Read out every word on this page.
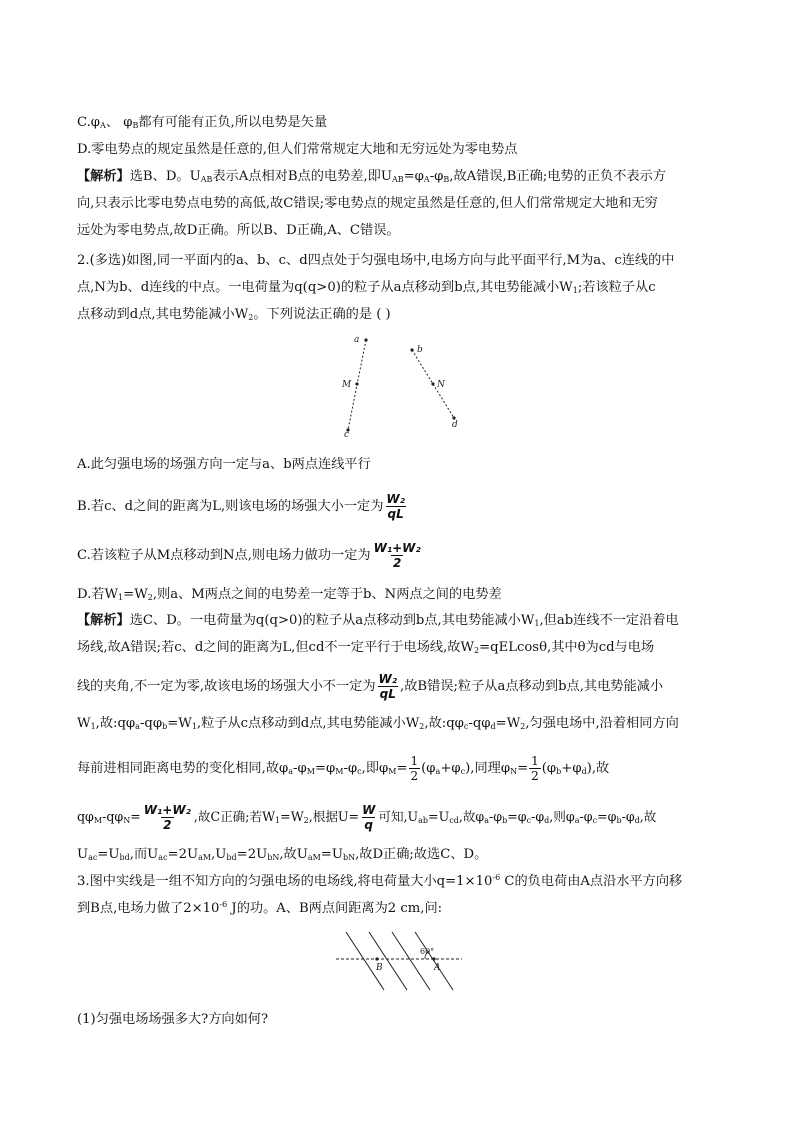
$C.\varphi_A$、 $\varphi_B$都有可能有正负,所以电势是矢量
D.零电势点的规定虽然是任意的,但人们常常规定大地和无穷远处为零电势点
【解析】选B、D。$U_{AB}$表示A点相对B点的电势差,即$U_{AB}=\varphi_A-\varphi_B$,故A错误,B正确;电势的正负不表示方
向,只表示比零电势点电势的高低,故C错误;零电势点的规定虽然是任意的,但人们常常规定大地和无穷
远处为零电势点,故D正确。所以B、D正确,A、C错误。
2.(多选)如图,同一平面内的a、b、c、d四点处于匀强电场中,电场方向与此平面平行,M为a、c连线的中
点,N为b、d连线的中点。一电荷量为q(q>0)的粒子从a点移动到b点,其电势能减小$W_1$;若该粒子从c
点移动到d点,其电势能减小$W_2$。下列说法正确的是 ( )
a
M
c
b
N
d
A.此匀强电场的场强方向一定与a、b两点连线平行
B.若c、d之间的距离为L,则该电场的场强大小一定为 $\frac{\text{W₂}}{qL}$
C.若该粒子从M点移动到N点,则电场力做功一定为 $\frac{\text{W₁+W₂}}{2}$
D.若$W_1=W_2$,则a、M两点之间的电势差一定等于b、N两点之间的电势差
【解析】选C、D。一电荷量为q(q>0)的粒子从a点移动到b点,其电势能减小$W_1$,但ab连线不一定沿着电
场线,故A错误;若c、d之间的距离为L,但cd不一定平行于电场线,故$W_2=qELcos\theta$,其中θ为cd与电场
线的夹角,不一定为零,故该电场的场强大小不一定为 $\frac{\text{W₂}}{qL}$ ,故B错误;粒子从a点移动到b点,其电势能减小
$W_1$,故$:q\varphi_a-q\varphi_b=W_1$,粒子从c点移动到d点,其电势能减小$W_2$,故$:q\varphi_c-q\varphi_d=W_2$,匀强电场中,沿着相同方向
每前进相同距离电势的变化相同,故$\varphi_a-\varphi_M=\varphi_M-\varphi_c$,即$\varphi_M= \frac{1}{2} (\varphi_a+\varphi_c)$,同理$\varphi_N= \frac{1}{2} (\varphi_b+\varphi_d)$,故
$q\varphi_M-q\varphi_N= \frac{\text{W₁+W₂}}{2}$ ,故C正确;若$W_1=W_2$,根据$U= \frac{W}{q}$ 可知$,U_{ab}=U_{cd}$,故$\varphi_a-\varphi_b=\varphi_c-\varphi_d$,则$\varphi_a-\varphi_c=\varphi_b-\varphi_d$,故
$U_{ac}=U_{bd}$,而$U_{ac}=2U_{aM},U_{bd}=2U_{bN}$,故$U_{aM}=U_{bN}$,故D正确;故选C、D。
3.图中实线是一组不知方向的匀强电场的电场线,将电荷量大小$q=1\times 10^{-6}$ C的负电荷由A点沿水平方向移
到B点,电场力做了$2\times 10^{-6}$ J的功。A、B两点间距离为2 cm,问:
B	A
60°
(1)匀强电场场强多大?方向如何?
